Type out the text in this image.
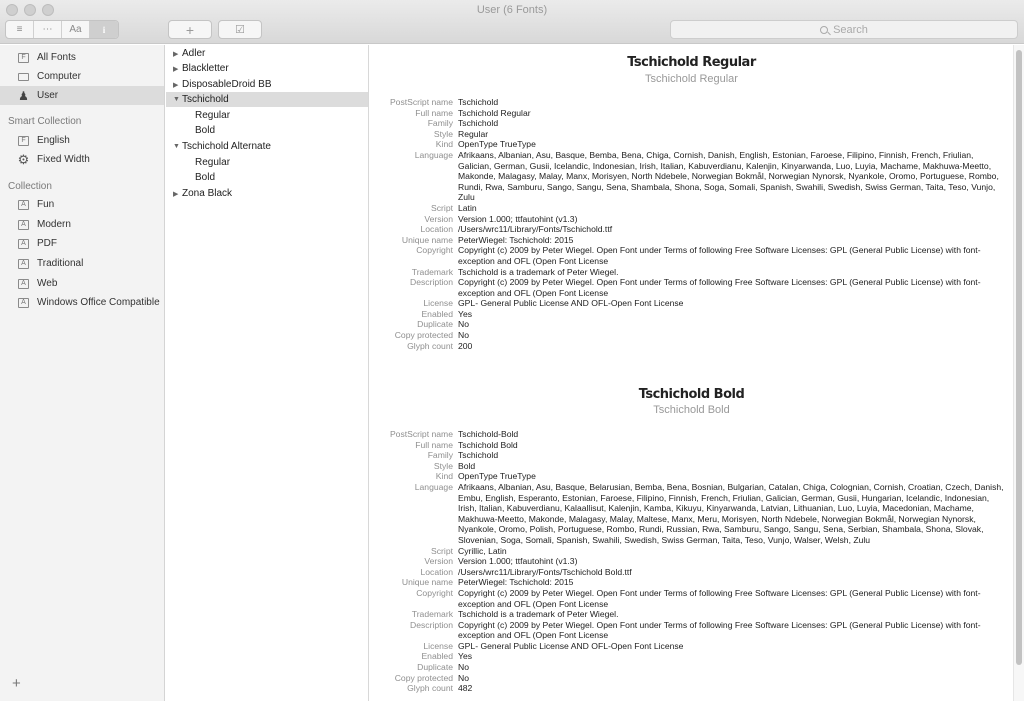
User (6 Fonts)
≡	⋯	Aa	i	+	☑	Search
F	All Fonts
Computer
♟ User
Smart Collection
F	English
⚙ Fixed Width
Collection
A	Fun
A	Modern
A	PDF
A	Traditional
A	Web
A	Windows Office Compatible
+
▶ Adler
▶ Blackletter
▶ DisposableDroid BB
▼ Tschichold
Regular
Bold
▼ Tschichold Alternate
Regular
Bold
▶ Zona Black
Tschichold Regular
Tschichold Regular
PostScript name Tschichold
Full name Tschichold Regular
Family Tschichold
Style Regular
Kind OpenType TrueType
Language Afrikaans, Albanian, Asu, Basque, Bemba, Bena, Chiga, Cornish, Danish, English, Estonian, Faroese, Filipino, Finnish, French, Friulian, Galician, German, Gusii, Icelandic, Indonesian, Irish, Italian, Kabuverdianu, Kalenjin, Kinyarwanda, Luo, Luyia, Machame, Makhuwa-Meetto, Makonde, Malagasy, Malay, Manx, Morisyen, North Ndebele, Norwegian Bokmål, Norwegian Nynorsk, Nyankole, Oromo, Portuguese, Rombo, Rundi, Rwa, Samburu, Sango, Sangu, Sena, Shambala, Shona, Soga, Somali, Spanish, Swahili, Swedish, Swiss German, Taita, Teso, Vunjo, Zulu
Script Latin
Version Version 1.000; ttfautohint (v1.3)
Location /Users/wrc11/Library/Fonts/Tschichold.ttf
Unique name PeterWiegel: Tschichold: 2015
Copyright Copyright (c) 2009 by Peter Wiegel. Open Font under Terms of following Free Software Licenses: GPL (General Public License) with font-exception and OFL (Open Font License
Trademark Tschichold is a trademark of Peter Wiegel.
Description Copyright (c) 2009 by Peter Wiegel. Open Font under Terms of following Free Software Licenses: GPL (General Public License) with font-exception and OFL (Open Font License
License GPL- General Public License AND OFL-Open Font License
Enabled Yes
Duplicate No
Copy protected No
Glyph count 200
Tschichold Bold
Tschichold Bold
PostScript name Tschichold-Bold
Full name Tschichold Bold
Family Tschichold
Style Bold
Kind OpenType TrueType
Language Afrikaans, Albanian, Asu, Basque, Belarusian, Bemba, Bena, Bosnian, Bulgarian, Catalan, Chiga, Colognian, Cornish, Croatian, Czech, Danish, Embu, English, Esperanto, Estonian, Faroese, Filipino, Finnish, French, Friulian, Galician, German, Gusii, Hungarian, Icelandic, Indonesian, Irish, Italian, Kabuverdianu, Kalaallisut, Kalenjin, Kamba, Kikuyu, Kinyarwanda, Latvian, Lithuanian, Luo, Luyia, Macedonian, Machame, Makhuwa-Meetto, Makonde, Malagasy, Malay, Maltese, Manx, Meru, Morisyen, North Ndebele, Norwegian Bokmål, Norwegian Nynorsk, Nyankole, Oromo, Polish, Portuguese, Rombo, Rundi, Russian, Rwa, Samburu, Sango, Sangu, Sena, Serbian, Shambala, Shona, Slovak, Slovenian, Soga, Somali, Spanish, Swahili, Swedish, Swiss German, Taita, Teso, Vunjo, Walser, Welsh, Zulu
Script Cyrillic, Latin
Version Version 1.000; ttfautohint (v1.3)
Location /Users/wrc11/Library/Fonts/Tschichold Bold.ttf
Unique name PeterWiegel: Tschichold: 2015
Copyright Copyright (c) 2009 by Peter Wiegel. Open Font under Terms of following Free Software Licenses: GPL (General Public License) with font-exception and OFL (Open Font License
Trademark Tschichold is a trademark of Peter Wiegel.
Description Copyright (c) 2009 by Peter Wiegel. Open Font under Terms of following Free Software Licenses: GPL (General Public License) with font-exception and OFL (Open Font License
License GPL- General Public License AND OFL-Open Font License
Enabled Yes
Duplicate No
Copy protected No
Glyph count 482
